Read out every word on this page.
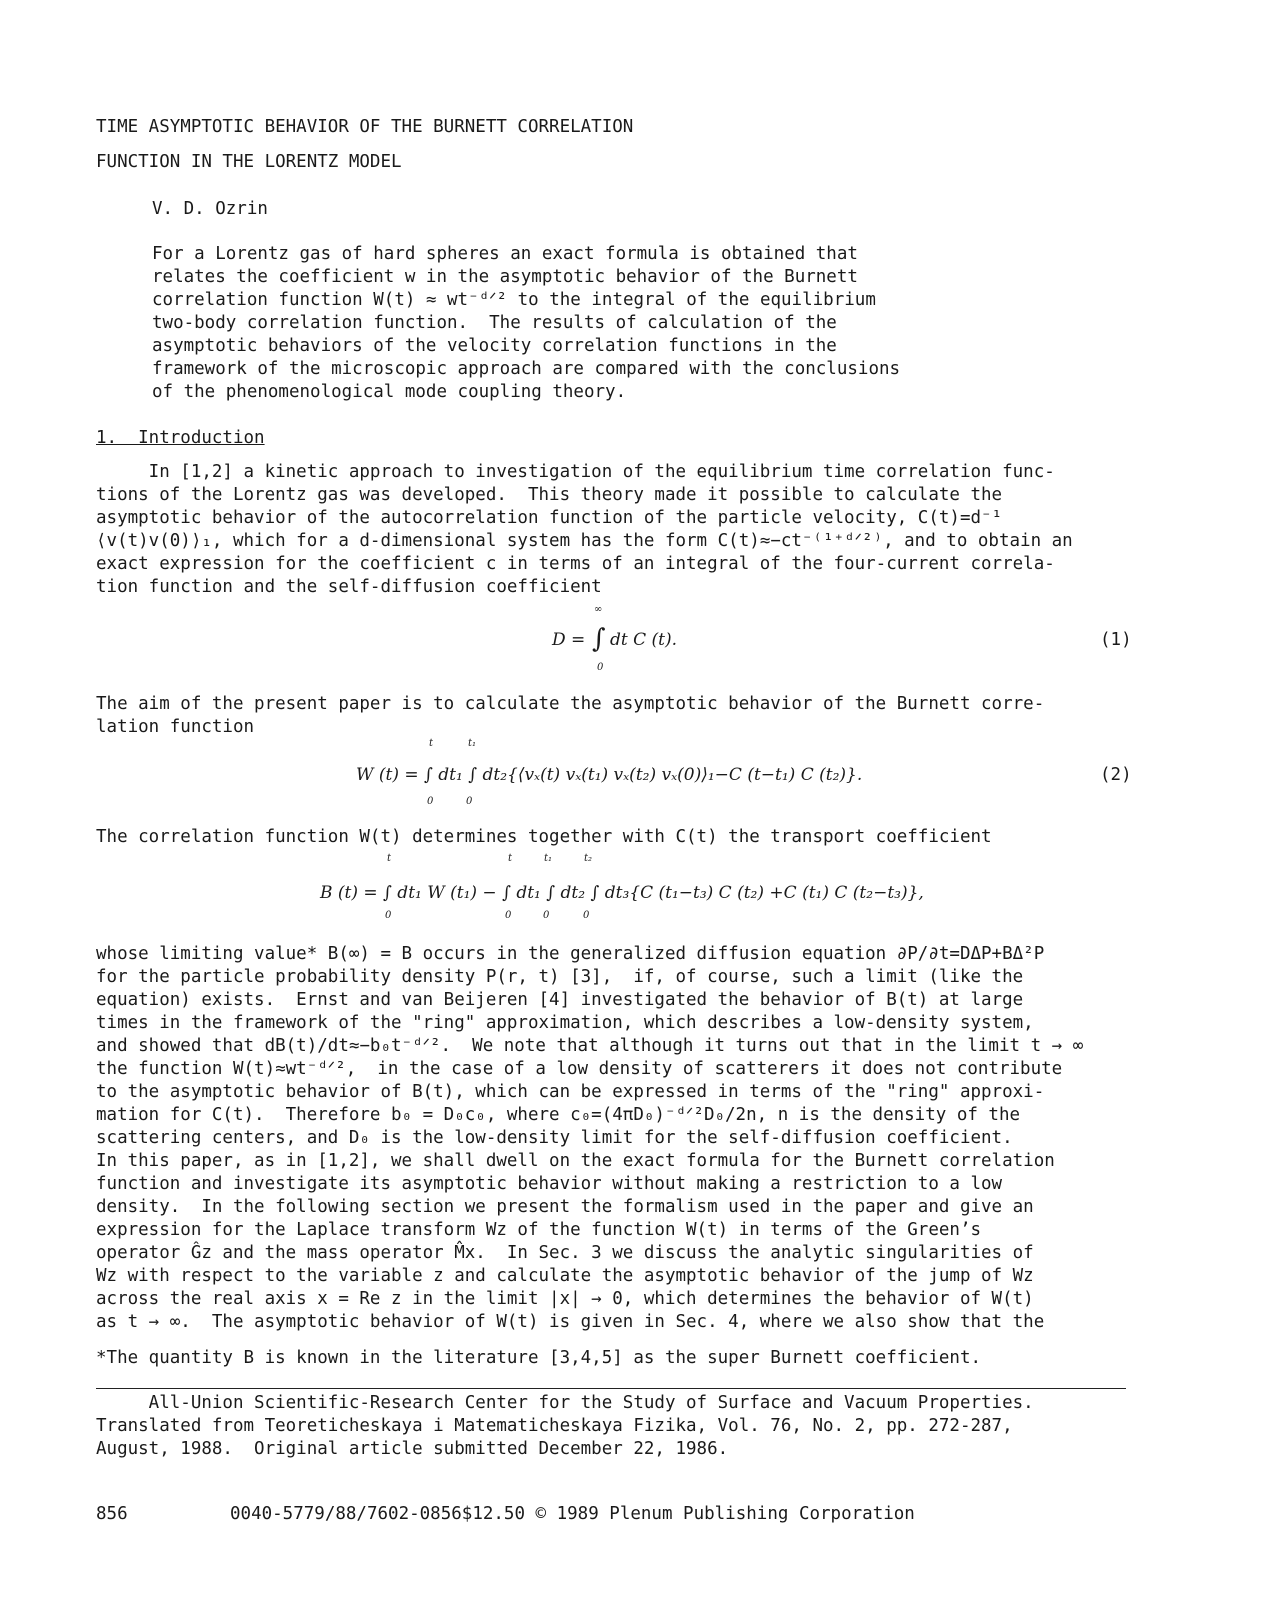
TIME ASYMPTOTIC BEHAVIOR OF THE BURNETT CORRELATION
FUNCTION IN THE LORENTZ MODEL
V. D. Ozrin
For a Lorentz gas of hard spheres an exact formula is obtained that
relates the coefficient w in the asymptotic behavior of the Burnett
correlation function W(t) ≈ wt⁻ᵈᐟ² to the integral of the equilibrium
two-body correlation function.  The results of calculation of the
asymptotic behaviors of the velocity correlation functions in the
framework of the microscopic approach are compared with the conclusions
of the phenomenological mode coupling theory.
1.  Introduction
In [1,2] a kinetic approach to investigation of the equilibrium time correlation func-
tions of the Lorentz gas was developed.  This theory made it possible to calculate the
asymptotic behavior of the autocorrelation function of the particle velocity, C(t)=d⁻¹
⟨v(t)v(0)⟩₁, which for a d-dimensional system has the form C(t)≈−ct⁻⁽¹⁺ᵈᐟ²⁾, and to obtain an
exact expression for the coefficient c in terms of an integral of the four-current correla-
tion function and the self-diffusion coefficient
∞
D = ∫ dt C (t).
0
(1)
The aim of the present paper is to calculate the asymptotic behavior of the Burnett corre-
lation function
t	t₁
W (t) = ∫ dt₁ ∫ dt₂{⟨vₓ(t) vₓ(t₁) vₓ(t₂) vₓ(0)⟩₁−C (t−t₁) C (t₂)}.
0	0
(2)
The correlation function W(t) determines together with C(t) the transport coefficient
t	t	t₁	t₂
B (t) = ∫ dt₁ W (t₁) − ∫ dt₁ ∫ dt₂ ∫ dt₃{C (t₁−t₃) C (t₂) +C (t₁) C (t₂−t₃)},
0	0	0	0
whose limiting value* B(∞) = B occurs in the generalized diffusion equation ∂P/∂t=DΔP+BΔ²P
for the particle probability density P(r, t) [3],  if, of course, such a limit (like the
equation) exists.  Ernst and van Beijeren [4] investigated the behavior of B(t) at large
times in the framework of the "ring" approximation, which describes a low-density system,
and showed that dB(t)/dt≈−b₀t⁻ᵈᐟ².  We note that although it turns out that in the limit t → ∞
the function W(t)≈wt⁻ᵈᐟ²,  in the case of a low density of scatterers it does not contribute
to the asymptotic behavior of B(t), which can be expressed in terms of the "ring" approxi-
mation for C(t).  Therefore b₀ = D₀c₀, where c₀=(4πD₀)⁻ᵈᐟ²D₀/2n, n is the density of the
scattering centers, and D₀ is the low-density limit for the self-diffusion coefficient.
In this paper, as in [1,2], we shall dwell on the exact formula for the Burnett correlation
function and investigate its asymptotic behavior without making a restriction to a low
density.  In the following section we present the formalism used in the paper and give an
expression for the Laplace transform Wz of the function W(t) in terms of the Green’s
operator Ĝz and the mass operator M̂x.  In Sec. 3 we discuss the analytic singularities of
Wz with respect to the variable z and calculate the asymptotic behavior of the jump of Wz
across the real axis x = Re z in the limit |x| → 0, which determines the behavior of W(t)
as t → ∞.  The asymptotic behavior of W(t) is given in Sec. 4, where we also show that the
*The quantity B is known in the literature [3,4,5] as the super Burnett coefficient.
All-Union Scientific-Research Center for the Study of Surface and Vacuum Properties.
Translated from Teoreticheskaya i Matematicheskaya Fizika, Vol. 76, No. 2, pp. 272-287,
August, 1988.  Original article submitted December 22, 1986.
856	0040-5779/88/7602-0856$12.50 © 1989 Plenum Publishing Corporation
